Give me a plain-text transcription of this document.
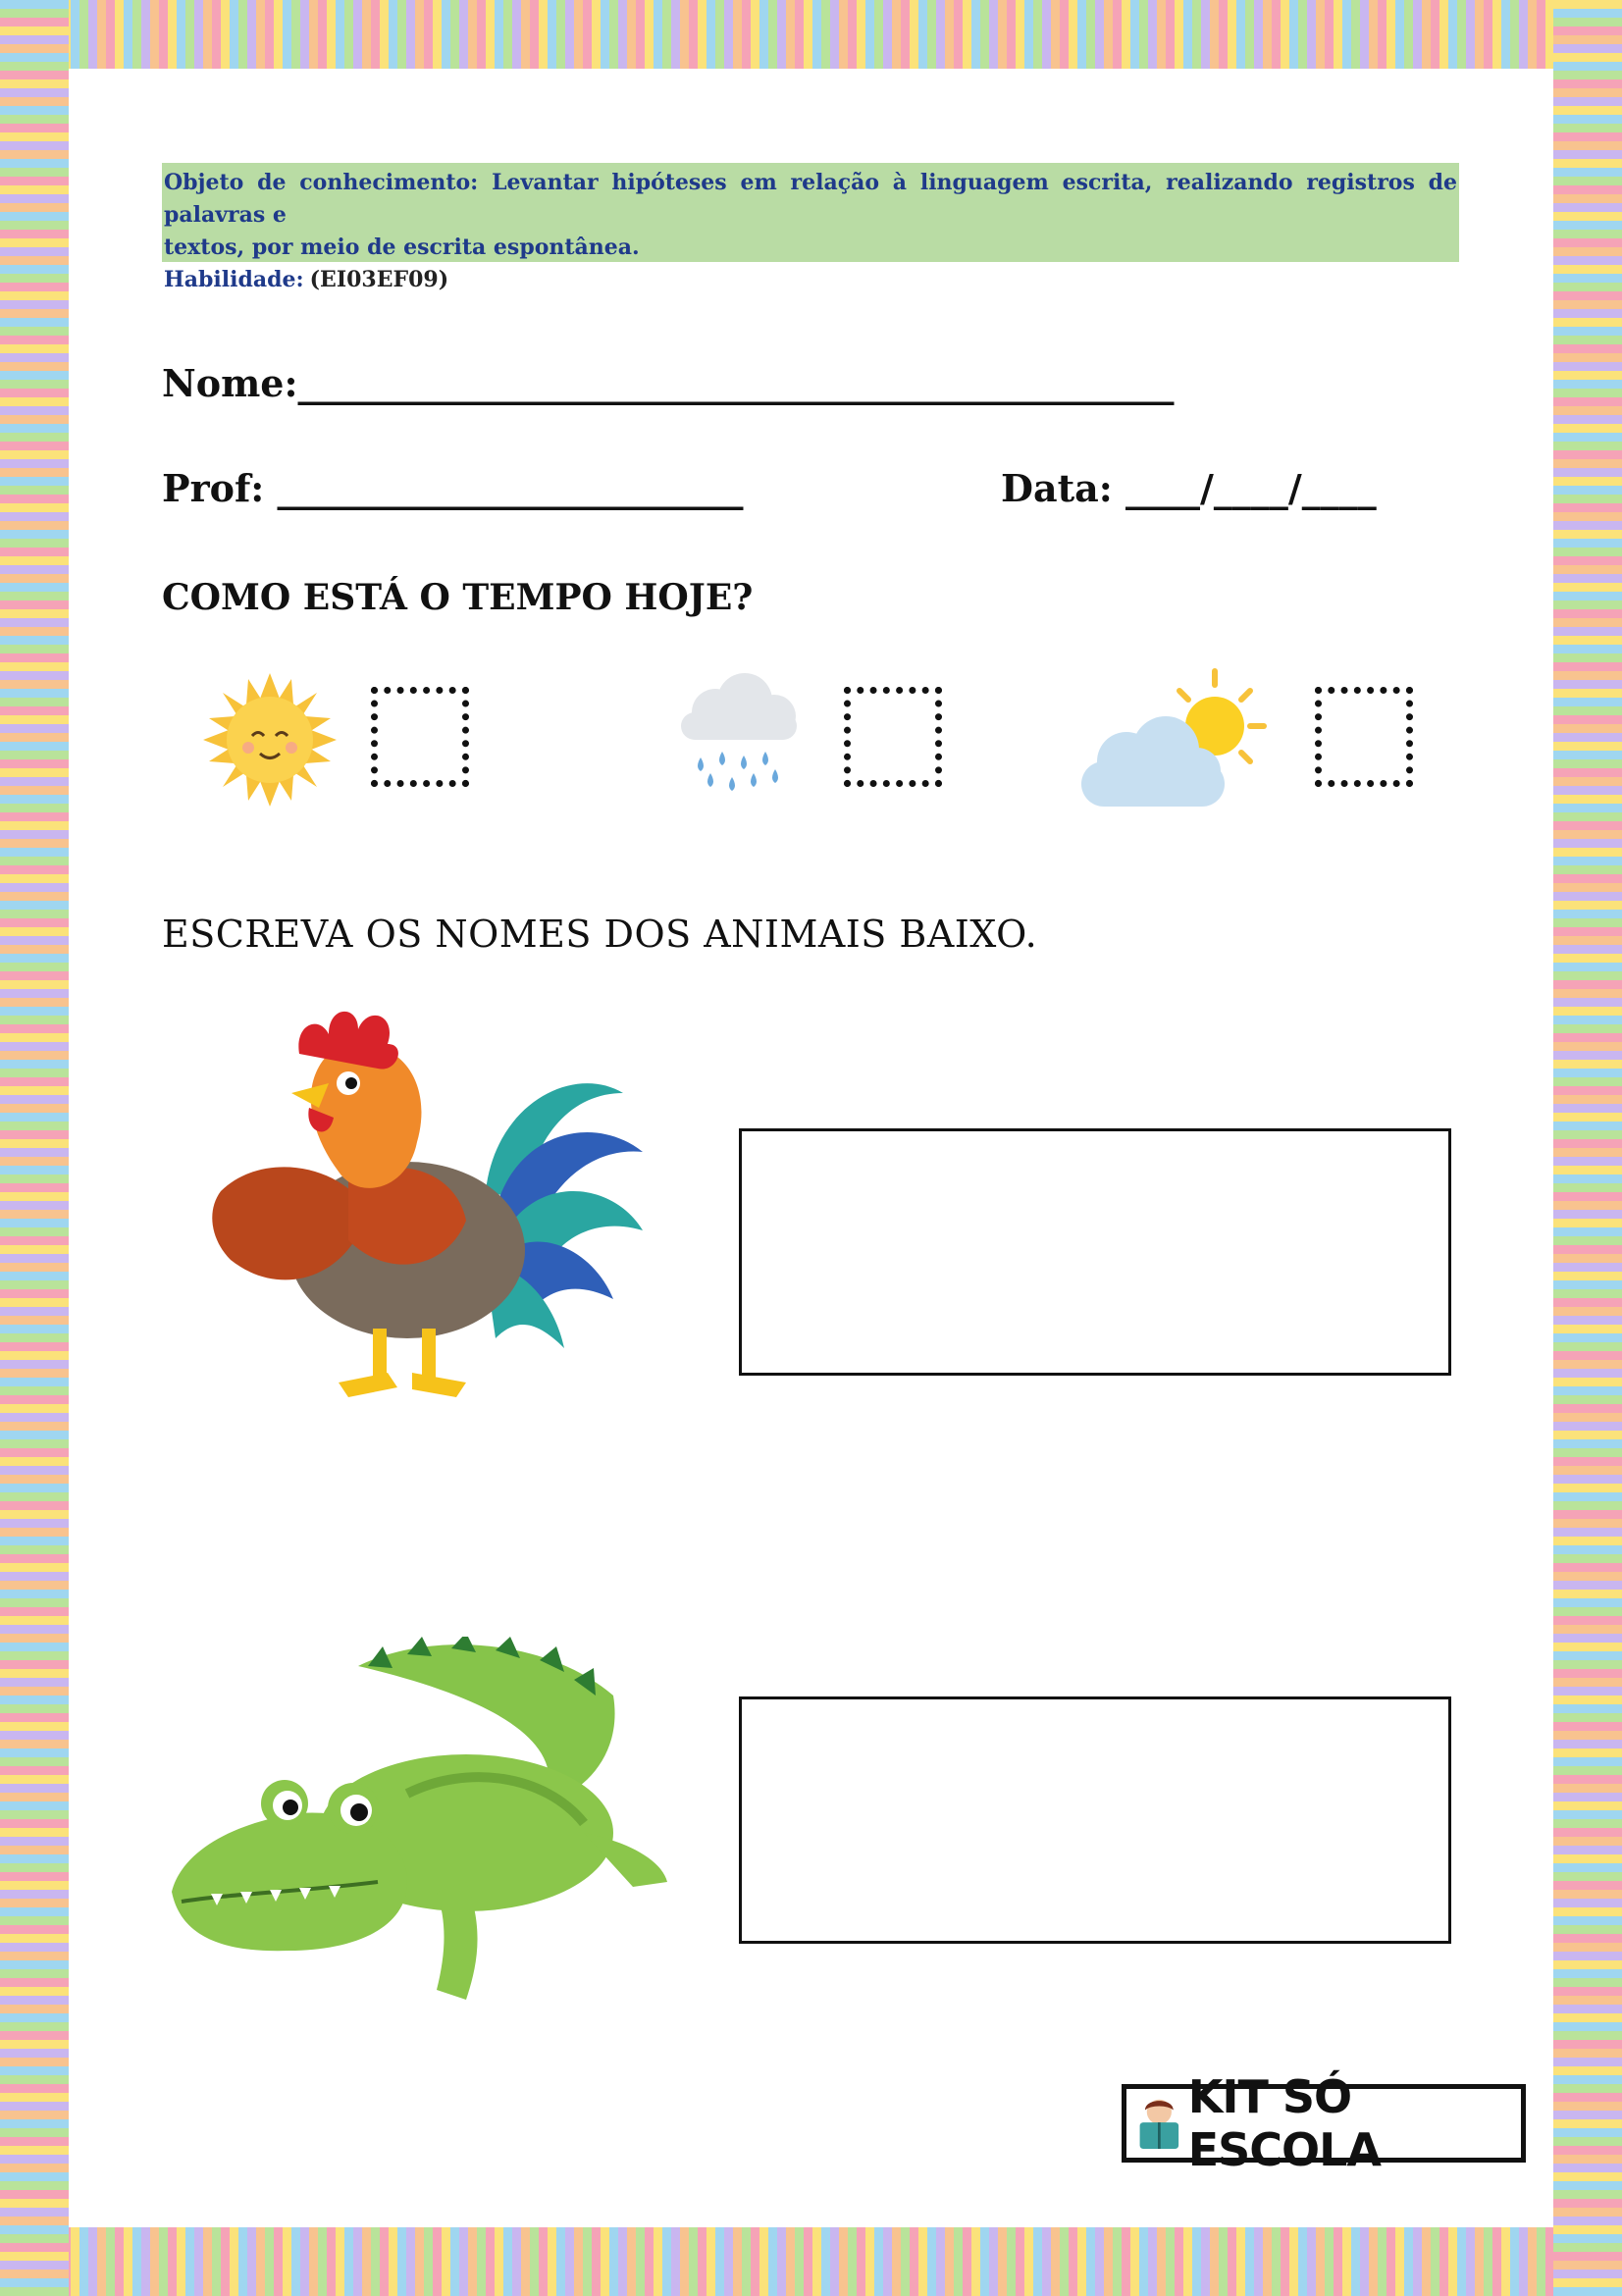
Objeto de conhecimento: Levantar hipóteses em relação à linguagem escrita, realizando registros de palavras e
textos, por meio de escrita espontânea.
Habilidade: (EI03EF09)
Nome:_______________________________________________
Prof: _________________________	Data: ____/____/____
COMO ESTÁ O TEMPO HOJE?
ESCREVA OS NOMES DOS ANIMAIS BAIXO.
KIT SÓ ESCOLA
